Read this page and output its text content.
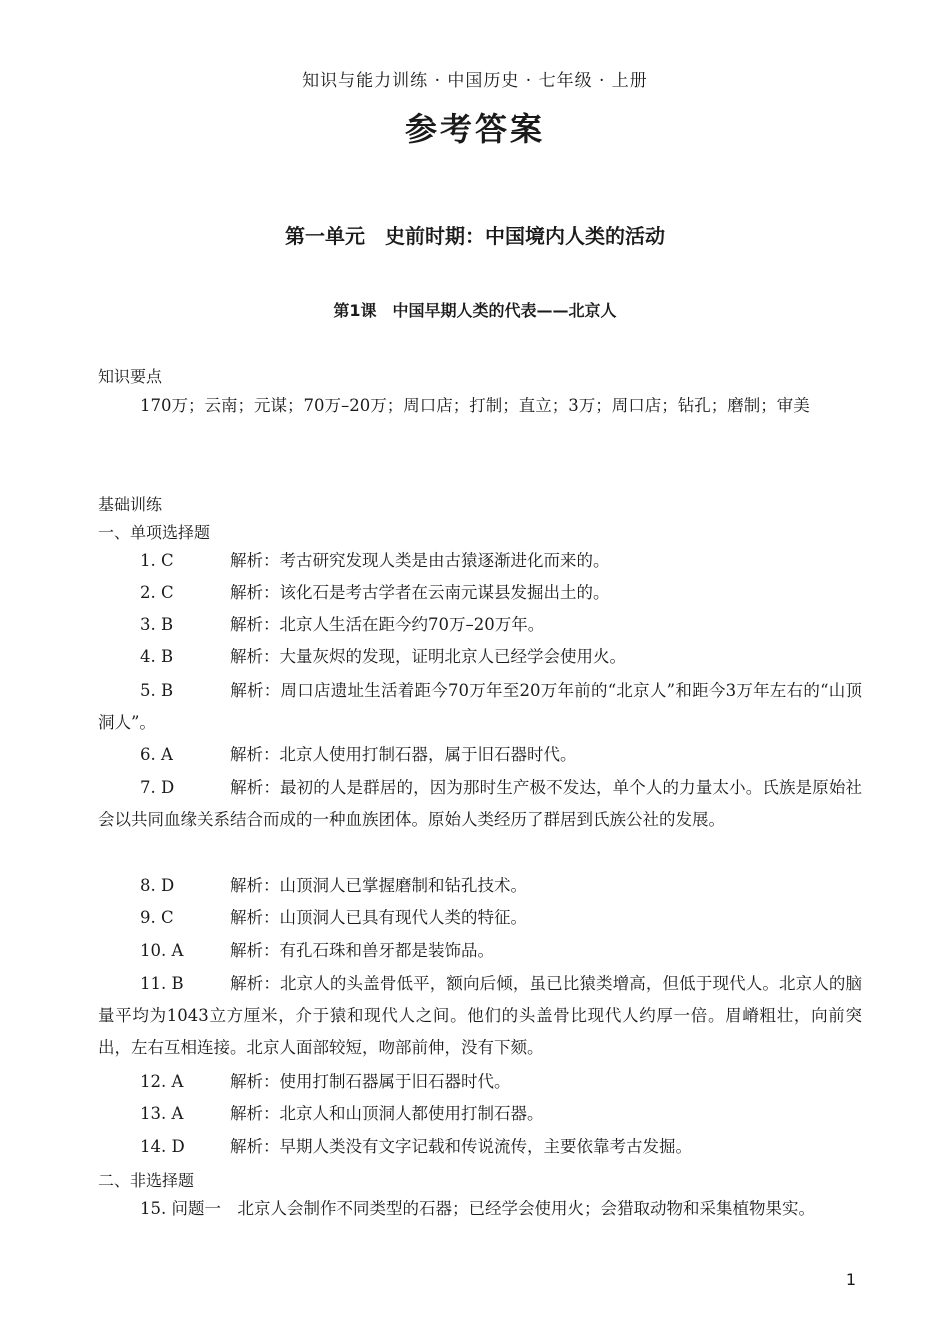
知识与能力训练 · 中国历史 · 七年级 · 上册
参考答案
第一单元　史前时期：中国境内人类的活动
第1课　中国早期人类的代表——北京人
知识要点
170万；云南；元谋；70万–20万；周口店；打制；直立；3万；周口店；钻孔；磨制；审美
基础训练
一、单项选择题
1. C	解析：考古研究发现人类是由古猿逐渐进化而来的。
2. C	解析：该化石是考古学者在云南元谋县发掘出土的。
3. B	解析：北京人生活在距今约70万–20万年。
4. B	解析：大量灰烬的发现，证明北京人已经学会使用火。
5. B	解析：周口店遗址生活着距今70万年至20万年前的“北京人”和距今3万年左右的“山顶洞人”。
6. A	解析：北京人使用打制石器，属于旧石器时代。
7. D	解析：最初的人是群居的，因为那时生产极不发达，单个人的力量太小。氏族是原始社会以共同血缘关系结合而成的一种血族团体。原始人类经历了群居到氏族公社的发展。
8. D	解析：山顶洞人已掌握磨制和钻孔技术。
9. C	解析：山顶洞人已具有现代人类的特征。
10. A	解析：有孔石珠和兽牙都是装饰品。
11. B	解析：北京人的头盖骨低平，额向后倾，虽已比猿类增高，但低于现代人。北京人的脑量平均为1043立方厘米，介于猿和现代人之间。他们的头盖骨比现代人约厚一倍。眉嵴粗壮，向前突出，左右互相连接。北京人面部较短，吻部前伸，没有下颏。
12. A	解析：使用打制石器属于旧石器时代。
13. A	解析：北京人和山顶洞人都使用打制石器。
14. D	解析：早期人类没有文字记载和传说流传，主要依靠考古发掘。
二、非选择题
15. 问题一　北京人会制作不同类型的石器；已经学会使用火；会猎取动物和采集植物果实。
1
